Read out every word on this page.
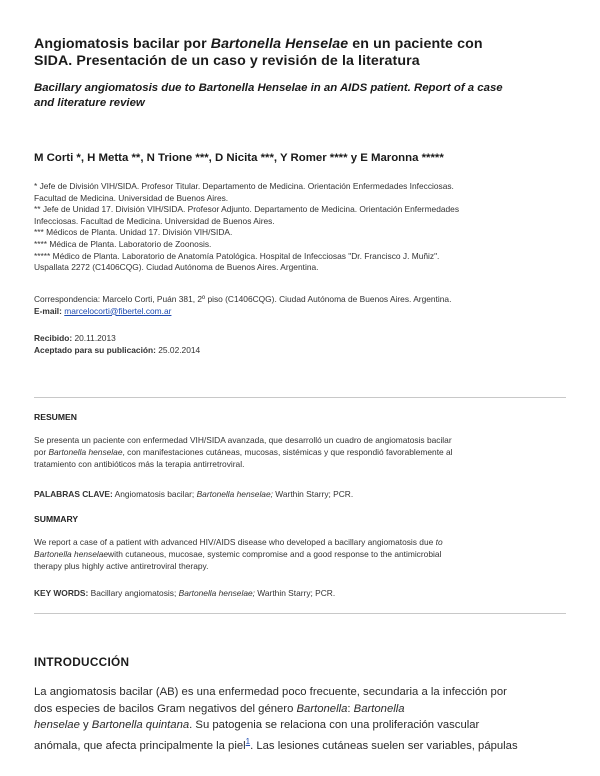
Angiomatosis bacilar por Bartonella Henselae en un paciente con
SIDA. Presentación de un caso y revisión de la literatura
Bacillary angiomatosis due to Bartonella Henselae in an AIDS patient. Report of a case
and literature review
M Corti *, H Metta **, N Trione ***, D Nicita ***, Y Romer **** y E Maronna *****
* Jefe de División VIH/SIDA. Profesor Titular. Departamento de Medicina. Orientación Enfermedades Infecciosas.
Facultad de Medicina. Universidad de Buenos Aires.
** Jefe de Unidad 17. División VIH/SIDA. Profesor Adjunto. Departamento de Medicina. Orientación Enfermedades
Infecciosas. Facultad de Medicina. Universidad de Buenos Aires.
*** Médicos de Planta. Unidad 17. División VIH/SIDA.
**** Médica de Planta. Laboratorio de Zoonosis.
***** Médico de Planta. Laboratorio de Anatomía Patológica. Hospital de Infecciosas "Dr. Francisco J. Muñiz".
Uspallata 2272 (C1406CQG). Ciudad Autónoma de Buenos Aires. Argentina.
Correspondencia: Marcelo Corti, Puán 381, 2º piso (C1406CQG). Ciudad Autónoma de Buenos Aires. Argentina.
E-mail: marcelocorti@fibertel.com.ar
Recibido: 20.11.2013
Aceptado para su publicación: 25.02.2014
RESUMEN
Se presenta un paciente con enfermedad VIH/SIDA avanzada, que desarrolló un cuadro de angiomatosis bacilar
por Bartonella henselae, con manifestaciones cutáneas, mucosas, sistémicas y que respondió favorablemente al
tratamiento con antibióticos más la terapia antirretroviral.
PALABRAS CLAVE: Angiomatosis bacilar; Bartonella henselae; Warthin Starry; PCR.
SUMMARY
We report a case of a patient with advanced HIV/AIDS disease who developed a bacillary angiomatosis due to
Bartonella henselaewith cutaneous, mucosae, systemic compromise and a good response to the antimicrobial
therapy plus highly active antiretroviral therapy.
KEY WORDS: Bacillary angiomatosis; Bartonella henselae; Warthin Starry; PCR.
INTRODUCCIÓN
La angiomatosis bacilar (AB) es una enfermedad poco frecuente, secundaria a la infección por
dos especies de bacilos Gram negativos del género Bartonella: Bartonella
henselae y Bartonella quintana. Su patogenia se relaciona con una proliferación vascular
anómala, que afecta principalmente la piel$^1$. Las lesiones cutáneas suelen ser variables, pápulas
